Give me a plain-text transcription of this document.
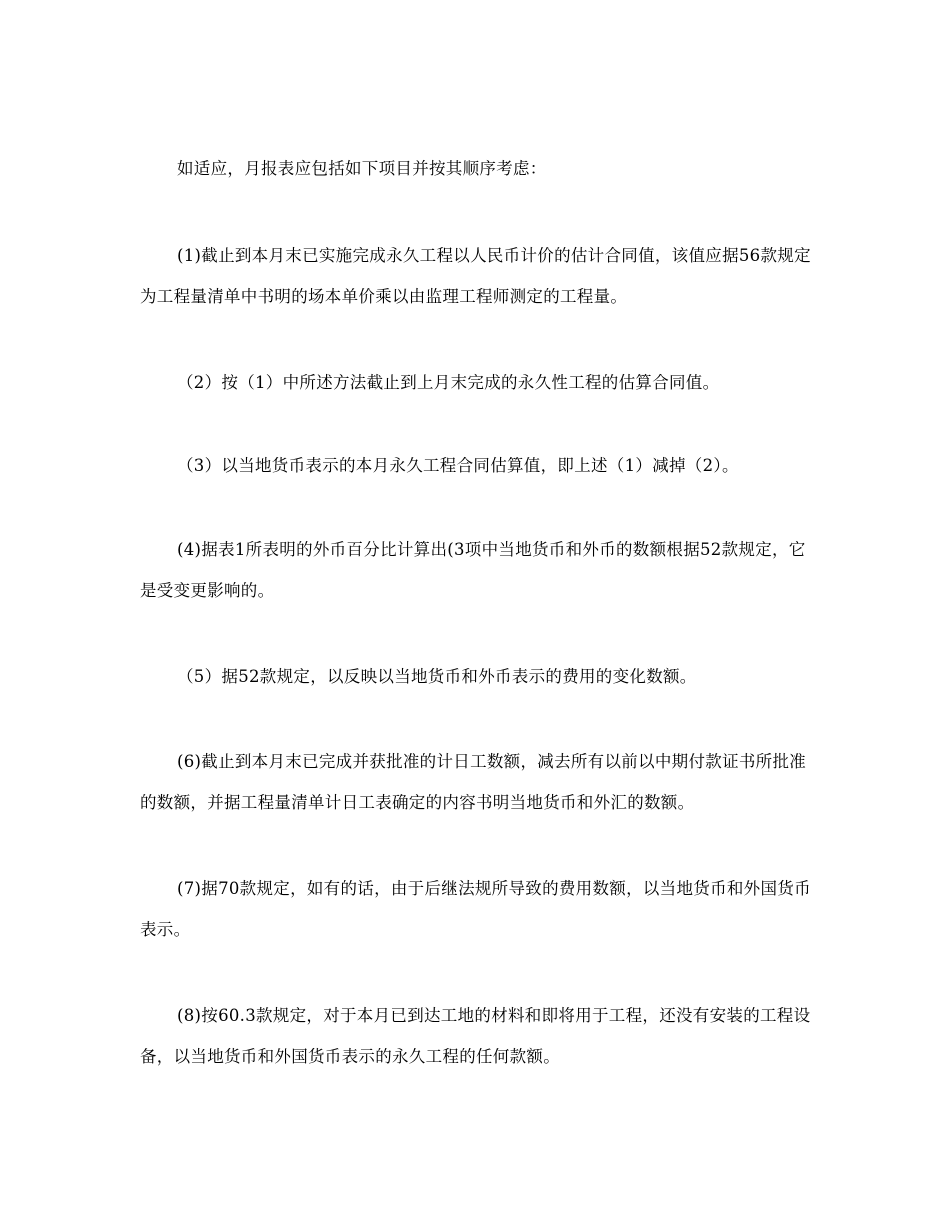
如适应，月报表应包括如下项目并按其顺序考虑：

(1)截止到本月末已实施完成永久工程以人民币计价的估计合同值，该值应据56款规定为工程量清单中书明的场本单价乘以由监理工程师测定的工程量。

（2）按（1）中所述方法截止到上月末完成的永久性工程的估算合同值。

（3）以当地货币表示的本月永久工程合同估算值，即上述（1）减掉（2）。

(4)据表1所表明的外币百分比计算出(3项中当地货币和外币的数额根据52款规定，它是受变更影响的。

（5）据52款规定，以反映以当地货币和外币表示的费用的变化数额。

(6)截止到本月末已完成并获批准的计日工数额，减去所有以前以中期付款证书所批准的数额，并据工程量清单计日工表确定的内容书明当地货币和外汇的数额。

(7)据70款规定，如有的话，由于后继法规所导致的费用数额，以当地货币和外国货币表示。

(8)按60.3款规定，对于本月已到达工地的材料和即将用于工程，还没有安装的工程设备，以当地货币和外国货币表示的永久工程的任何款额。
